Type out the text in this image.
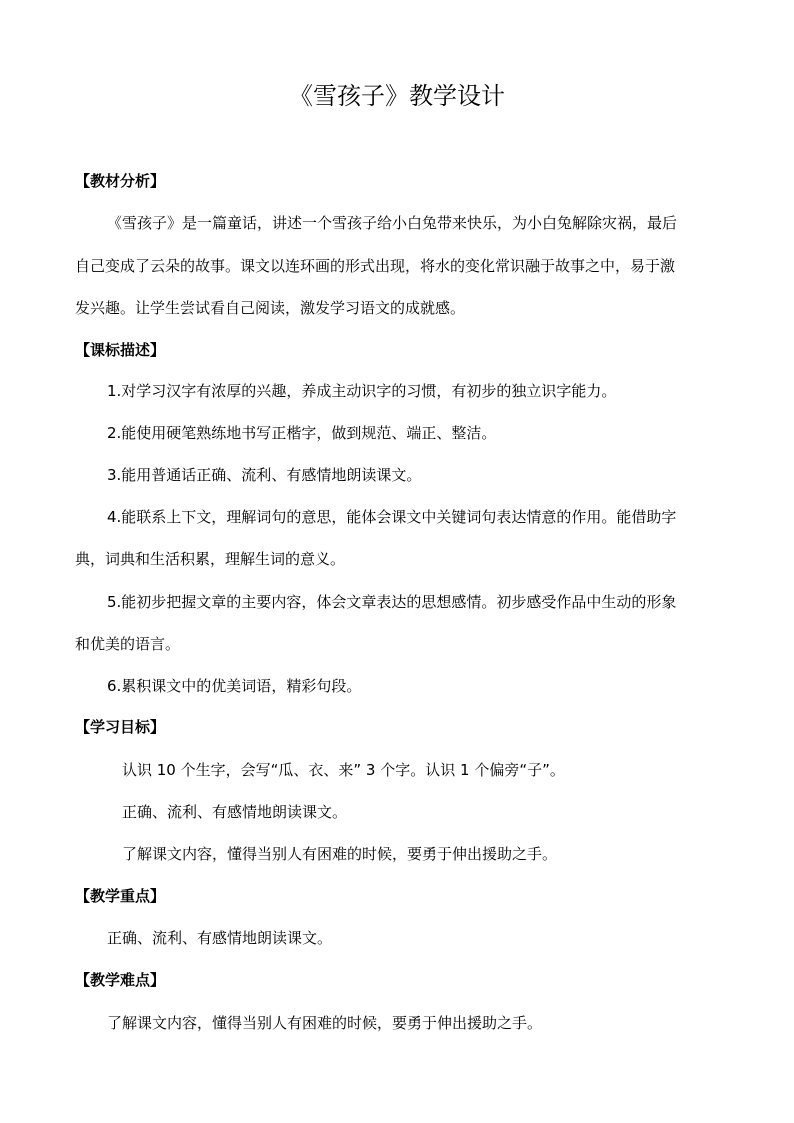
《雪孩子》教学设计
【教材分析】
《雪孩子》是一篇童话，讲述一个雪孩子给小白兔带来快乐，为小白兔解除灾祸，最后
自己变成了云朵的故事。课文以连环画的形式出现，将水的变化常识融于故事之中，易于激
发兴趣。让学生尝试看自己阅读，激发学习语文的成就感。
【课标描述】
1.对学习汉字有浓厚的兴趣，养成主动识字的习惯，有初步的独立识字能力。
2.能使用硬笔熟练地书写正楷字，做到规范、端正、整洁。
3.能用普通话正确、流利、有感情地朗读课文。
4.能联系上下文，理解词句的意思，能体会课文中关键词句表达情意的作用。能借助字
典，词典和生活积累，理解生词的意义。
5.能初步把握文章的主要内容，体会文章表达的思想感情。初步感受作品中生动的形象
和优美的语言。
6.累积课文中的优美词语，精彩句段。
【学习目标】
认识 10 个生字，会写“瓜、衣、来” 3 个字。认识 1 个偏旁“子”。
正确、流利、有感情地朗读课文。
了解课文内容，懂得当别人有困难的时候，要勇于伸出援助之手。
【教学重点】
正确、流利、有感情地朗读课文。
【教学难点】
了解课文内容，懂得当别人有困难的时候，要勇于伸出援助之手。
